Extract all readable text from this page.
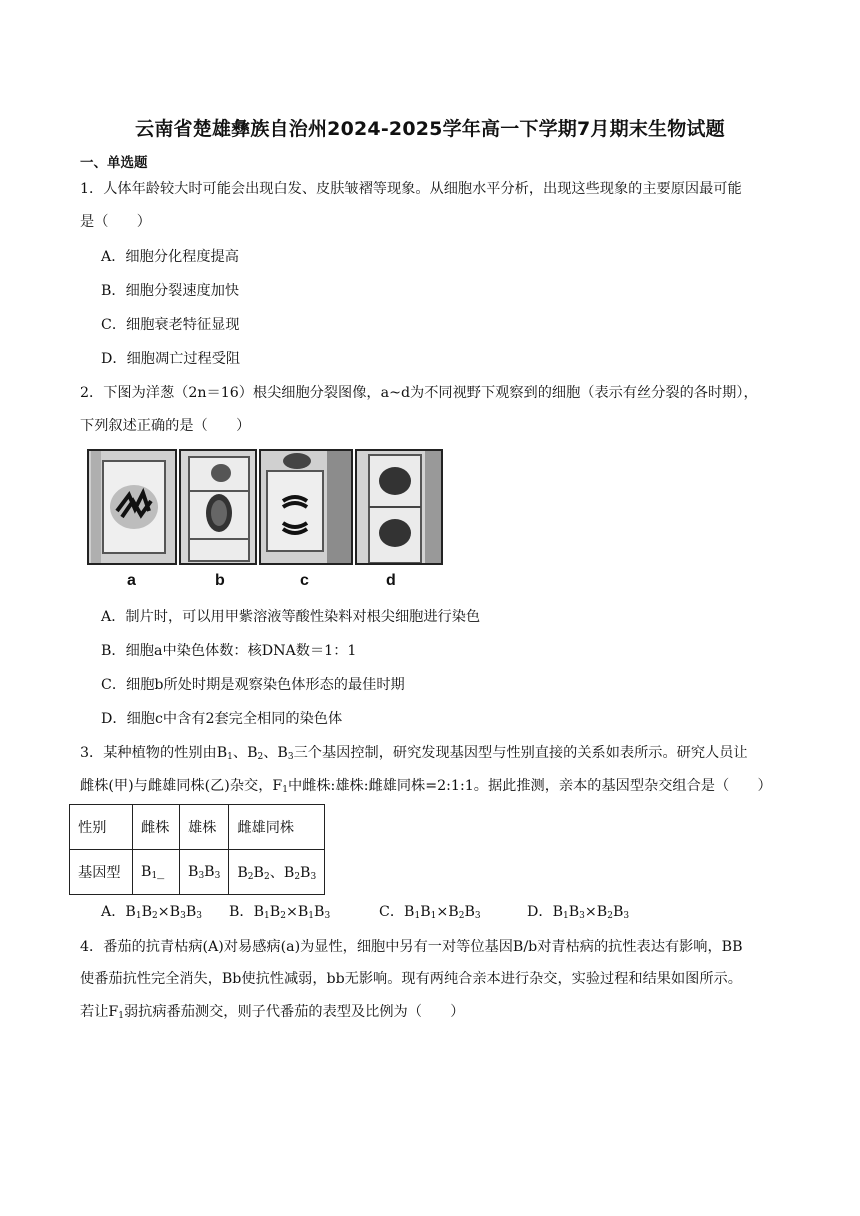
云南省楚雄彝族自治州2024-2025学年高一下学期7月期末生物试题
一、单选题
1．人体年龄较大时可能会出现白发、皮肤皱褶等现象。从细胞水平分析，出现这些现象的主要原因最可能
是（　　）
A．细胞分化程度提高
B．细胞分裂速度加快
C．细胞衰老特征显现
D．细胞凋亡过程受阻
2．下图为洋葱（2n＝16）根尖细胞分裂图像，a~d为不同视野下观察到的细胞（表示有丝分裂的各时期），
下列叙述正确的是（　　）
a	b	c	d
A．制片时，可以用甲紫溶液等酸性染料对根尖细胞进行染色
B．细胞a中染色体数：核DNA数＝1：1
C．细胞b所处时期是观察染色体形态的最佳时期
D．细胞c中含有2套完全相同的染色体
3．某种植物的性别由$B_1$、$B_2$、$B_3$三个基因控制，研究发现基因型与性别直接的关系如表所示。研究人员让
雌株(甲)与雌雄同株(乙)杂交，$F_1$中雌株:雄株:雌雄同株=2:1:1。据此推测，亲本的基因型杂交组合是（　　）
性别	雌株	雄株	雌雄同株
基因型	$B_1\_$	$B_3B_3$	$B_2B_2$、$B_2B_3$
A．$B_1B_2\times B_3B_3$ B．$B_1B_2\times B_1B_3$	C．$B_1B_1\times B_2B_3$	D．$B_1B_3\times B_2B_3$
4．番茄的抗青枯病(A)对易感病(a)为显性，细胞中另有一对等位基因B/b对青枯病的抗性表达有影响，BB
使番茄抗性完全消失，Bb使抗性减弱，bb无影响。现有两纯合亲本进行杂交，实验过程和结果如图所示。
若让$F_1$弱抗病番茄测交，则子代番茄的表型及比例为（　　）
